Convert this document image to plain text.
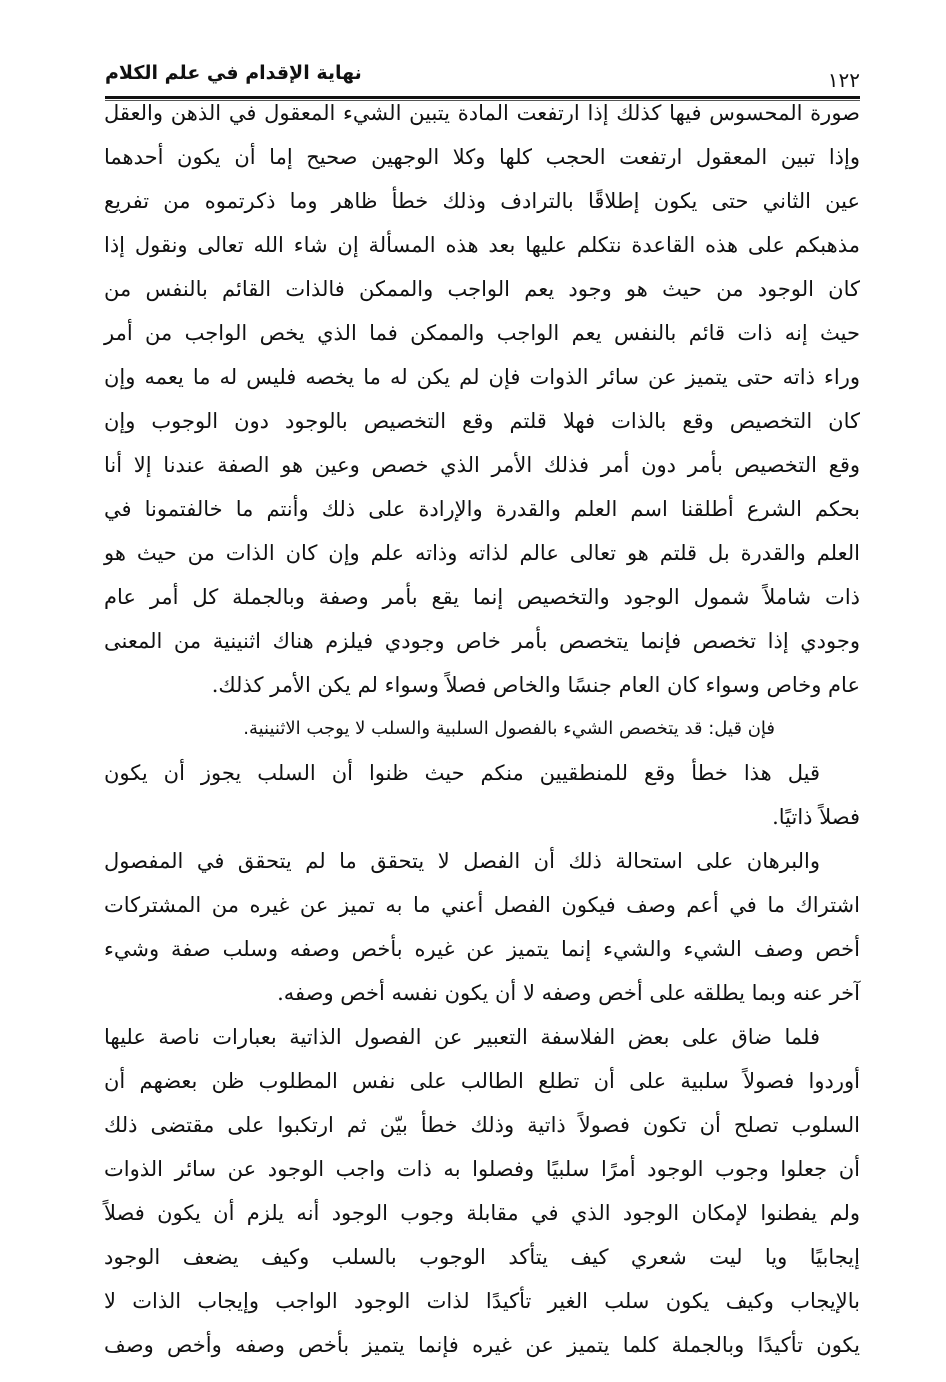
نهاية الإقدام في علم الكلام	١٢٢
صورة المحسوس فيها كذلك إذا ارتفعت المادة يتبين الشيء المعقول في الذهن والعقل
وإذا تبين المعقول ارتفعت الحجب كلها وكلا الوجهين صحيح إما أن يكون أحدهما
عين الثاني حتى يكون إطلاقًا بالترادف وذلك خطأ ظاهر وما ذكرتموه من تفريع
مذهبكم على هذه القاعدة نتكلم عليها بعد هذه المسألة إن شاء الله تعالى ونقول إذا
كان الوجود من حيث هو وجود يعم الواجب والممكن فالذات القائم بالنفس من
حيث إنه ذات قائم بالنفس يعم الواجب والممكن فما الذي يخص الواجب من أمر
وراء ذاته حتى يتميز عن سائر الذوات فإن لم يكن له ما يخصه فليس له ما يعمه وإن
كان التخصيص وقع بالذات فهلا قلتم وقع التخصيص بالوجود دون الوجوب وإن
وقع التخصيص بأمر دون أمر فذلك الأمر الذي خصص وعين هو الصفة عندنا إلا أنا
بحكم الشرع أطلقنا اسم العلم والقدرة والإرادة على ذلك وأنتم ما خالفتمونا في
العلم والقدرة بل قلتم هو تعالى عالم لذاته وذاته علم وإن كان الذات من حيث هو
ذات شاملاً شمول الوجود والتخصيص إنما يقع بأمر وصفة وبالجملة كل أمر عام
وجودي إذا تخصص فإنما يتخصص بأمر خاص وجودي فيلزم هناك اثنينية من المعنى
عام وخاص وسواء كان العام جنسًا والخاص فصلاً وسواء لم يكن الأمر كذلك.
فإن قيل: قد يتخصص الشيء بالفصول السلبية والسلب لا يوجب الاثنينية.
قيل هذا خطأ وقع للمنطقيين منكم حيث ظنوا أن السلب يجوز أن يكون
فصلاً ذاتيًا.
والبرهان على استحالة ذلك أن الفصل لا يتحقق ما لم يتحقق في المفصول
اشتراك ما في أعم وصف فيكون الفصل أعني ما به تميز عن غيره من المشتركات
أخص وصف الشيء والشيء إنما يتميز عن غيره بأخص وصفه وسلب صفة وشيء
آخر عنه وبما يطلقه على أخص وصفه لا أن يكون نفسه أخص وصفه.
فلما ضاق على بعض الفلاسفة التعبير عن الفصول الذاتية بعبارات ناصة عليها
أوردوا فصولاً سلبية على أن تطلع الطالب على نفس المطلوب ظن بعضهم أن
السلوب تصلح أن تكون فصولاً ذاتية وذلك خطأ بيّن ثم ارتكبوا على مقتضى ذلك
أن جعلوا وجوب الوجود أمرًا سلبيًا وفصلوا به ذات واجب الوجود عن سائر الذوات
ولم يفطنوا لإمكان الوجود الذي في مقابلة وجوب الوجود أنه يلزم أن يكون فصلاً
إيجابيًا ويا ليت شعري كيف يتأكد الوجوب بالسلب وكيف يضعف الوجود
بالإيجاب وكيف يكون سلب الغير تأكيدًا لذات الوجود الواجب وإيجاب الذات لا
يكون تأكيدًا وبالجملة كلما يتميز عن غيره فإنما يتميز بأخص وصفه وأخص وصف
